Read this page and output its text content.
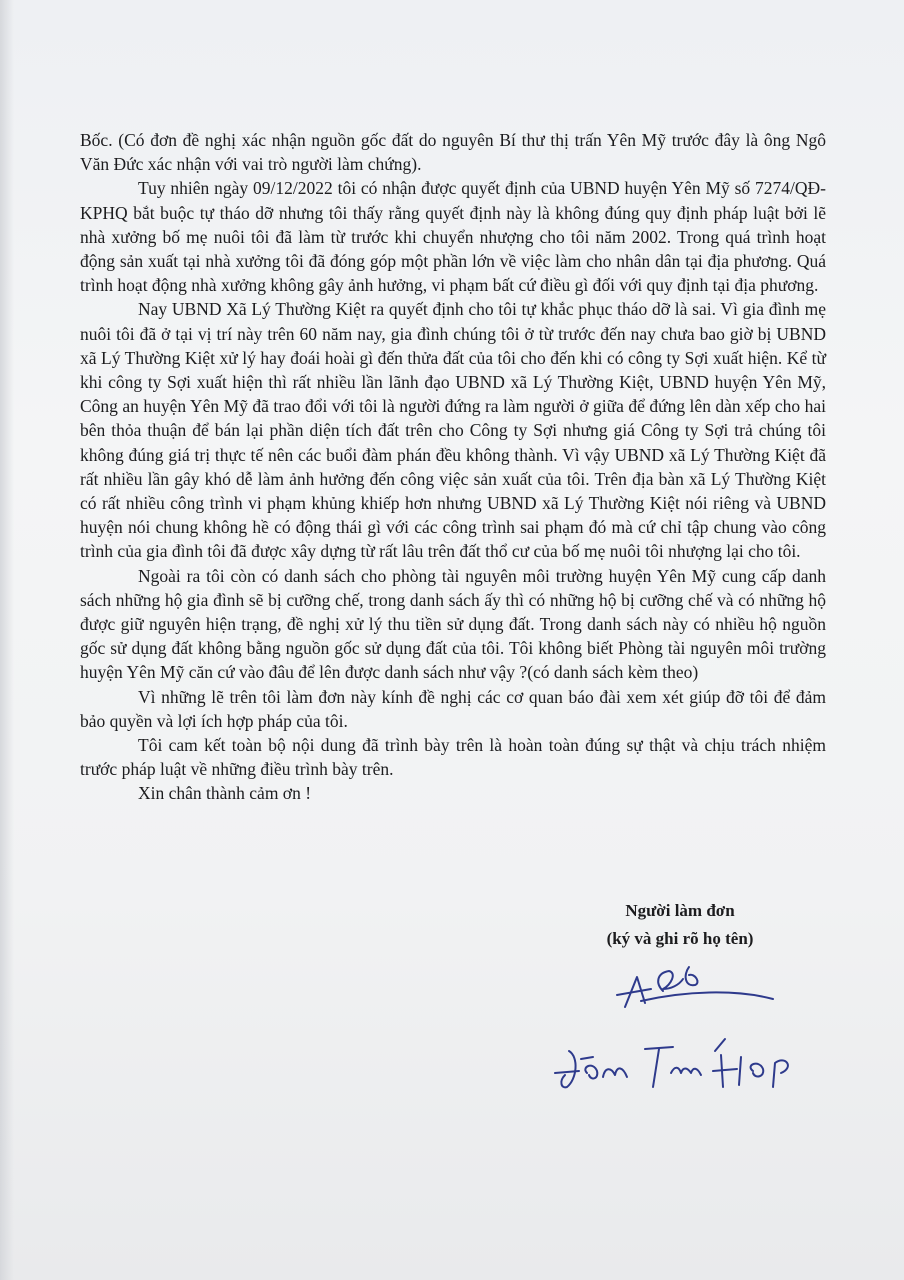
Bốc. (Có đơn đề nghị xác nhận nguồn gốc đất do nguyên Bí thư thị trấn Yên Mỹ trước đây là ông Ngô Văn Đức xác nhận với vai trò người làm chứng).

Tuy nhiên ngày 09/12/2022 tôi có nhận được quyết định của UBND huyện Yên Mỹ số 7274/QĐ-KPHQ bắt buộc tự tháo dỡ nhưng tôi thấy rằng quyết định này là không đúng quy định pháp luật bởi lẽ nhà xưởng bố mẹ nuôi tôi đã làm từ trước khi chuyển nhượng cho tôi năm 2002. Trong quá trình hoạt động sản xuất tại nhà xưởng tôi đã đóng góp một phần lớn về việc làm cho nhân dân tại địa phương. Quá trình hoạt động nhà xưởng không gây ảnh hưởng, vi phạm bất cứ điều gì đối với quy định tại địa phương.

Nay UBND Xã Lý Thường Kiệt ra quyết định cho tôi tự khắc phục tháo dỡ là sai. Vì gia đình mẹ nuôi tôi đã ở tại vị trí này trên 60 năm nay, gia đình chúng tôi ở từ trước đến nay chưa bao giờ bị UBND xã Lý Thường Kiệt xử lý hay đoái hoài gì đến thửa đất của tôi cho đến khi có công ty Sợi xuất hiện. Kể từ khi công ty Sợi xuất hiện thì rất nhiều lần lãnh đạo UBND xã Lý Thường Kiệt, UBND huyện Yên Mỹ, Công an huyện Yên Mỹ đã trao đổi với tôi là người đứng ra làm người ở giữa để đứng lên dàn xếp cho hai bên thỏa thuận để bán lại phần diện tích đất trên cho Công ty Sợi nhưng giá Công ty Sợi trả chúng tôi không đúng giá trị thực tế nên các buổi đàm phán đều không thành. Vì vậy UBND xã Lý Thường Kiệt đã rất nhiều lần gây khó dễ làm ảnh hưởng đến công việc sản xuất của tôi. Trên địa bàn xã Lý Thường Kiệt có rất nhiều công trình vi phạm khủng khiếp hơn nhưng UBND xã Lý Thường Kiệt nói riêng và UBND huyện nói chung không hề có động thái gì với các công trình sai phạm đó mà cứ chỉ tập chung vào công trình của gia đình tôi đã được xây dựng từ rất lâu trên đất thổ cư của bố mẹ nuôi tôi nhượng lại cho tôi.

Ngoài ra tôi còn có danh sách cho phòng tài nguyên môi trường huyện Yên Mỹ cung cấp danh sách những hộ gia đình sẽ bị cưỡng chế, trong danh sách ấy thì có những hộ bị cưỡng chế và có những hộ được giữ nguyên hiện trạng, đề nghị xử lý thu tiền sử dụng đất. Trong danh sách này có nhiều hộ nguồn gốc sử dụng đất không bằng nguồn gốc sử dụng đất của tôi. Tôi không biết Phòng tài nguyên môi trường huyện Yên Mỹ căn cứ vào đâu để lên được danh sách như vậy ?(có danh sách kèm theo)

Vì những lẽ trên tôi làm đơn này kính đề nghị các cơ quan báo đài xem xét giúp đỡ tôi để đảm bảo quyền và lợi ích hợp pháp của tôi.

Tôi cam kết toàn bộ nội dung đã trình bày trên là hoàn toàn đúng sự thật và chịu trách nhiệm trước pháp luật về những điều trình bày trên.

Xin chân thành cảm ơn !

Người làm đơn
(ký và ghi rõ họ tên)
